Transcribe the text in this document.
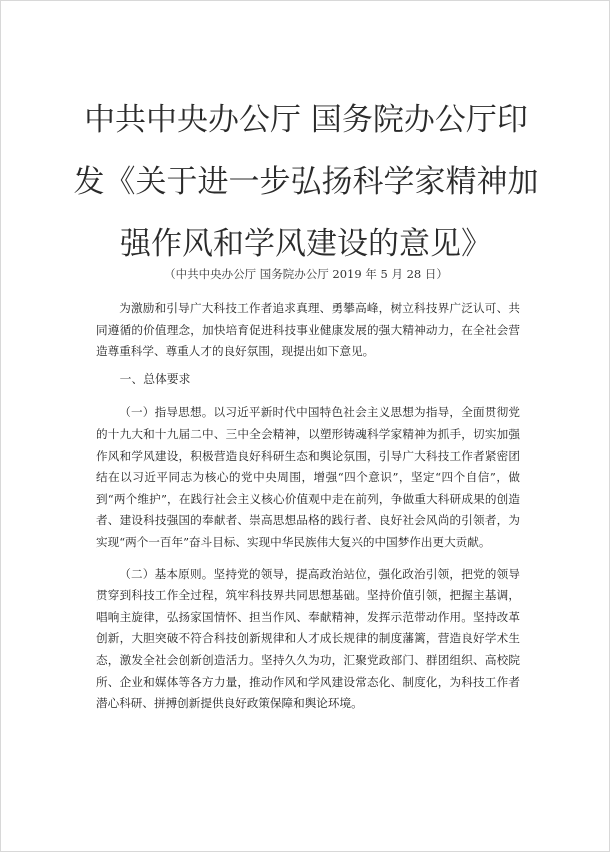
中共中央办公厅 国务院办公厅印
发《关于进一步弘扬科学家精神加
强作风和学风建设的意见》
（中共中央办公厅 国务院办公厅 2019 年 5 月 28 日）

为激励和引导广大科技工作者追求真理、勇攀高峰，树立科技界广泛认可、共同遵循的价值理念，加快培育促进科技事业健康发展的强大精神动力，在全社会营造尊重科学、尊重人才的良好氛围，现提出如下意见。

一、总体要求

（一）指导思想。以习近平新时代中国特色社会主义思想为指导，全面贯彻党的十九大和十九届二中、三中全会精神，以塑形铸魂科学家精神为抓手，切实加强作风和学风建设，积极营造良好科研生态和舆论氛围，引导广大科技工作者紧密团结在以习近平同志为核心的党中央周围，增强“四个意识”，坚定“四个自信”，做到“两个维护”，在践行社会主义核心价值观中走在前列，争做重大科研成果的创造者、建设科技强国的奉献者、崇高思想品格的践行者、良好社会风尚的引领者，为实现“两个一百年”奋斗目标、实现中华民族伟大复兴的中国梦作出更大贡献。

（二）基本原则。坚持党的领导，提高政治站位，强化政治引领，把党的领导贯穿到科技工作全过程，筑牢科技界共同思想基础。坚持价值引领，把握主基调，唱响主旋律，弘扬家国情怀、担当作风、奉献精神，发挥示范带动作用。坚持改革创新，大胆突破不符合科技创新规律和人才成长规律的制度藩篱，营造良好学术生态，激发全社会创新创造活力。坚持久久为功，汇聚党政部门、群团组织、高校院所、企业和媒体等各方力量，推动作风和学风建设常态化、制度化，为科技工作者潜心科研、拼搏创新提供良好政策保障和舆论环境。
